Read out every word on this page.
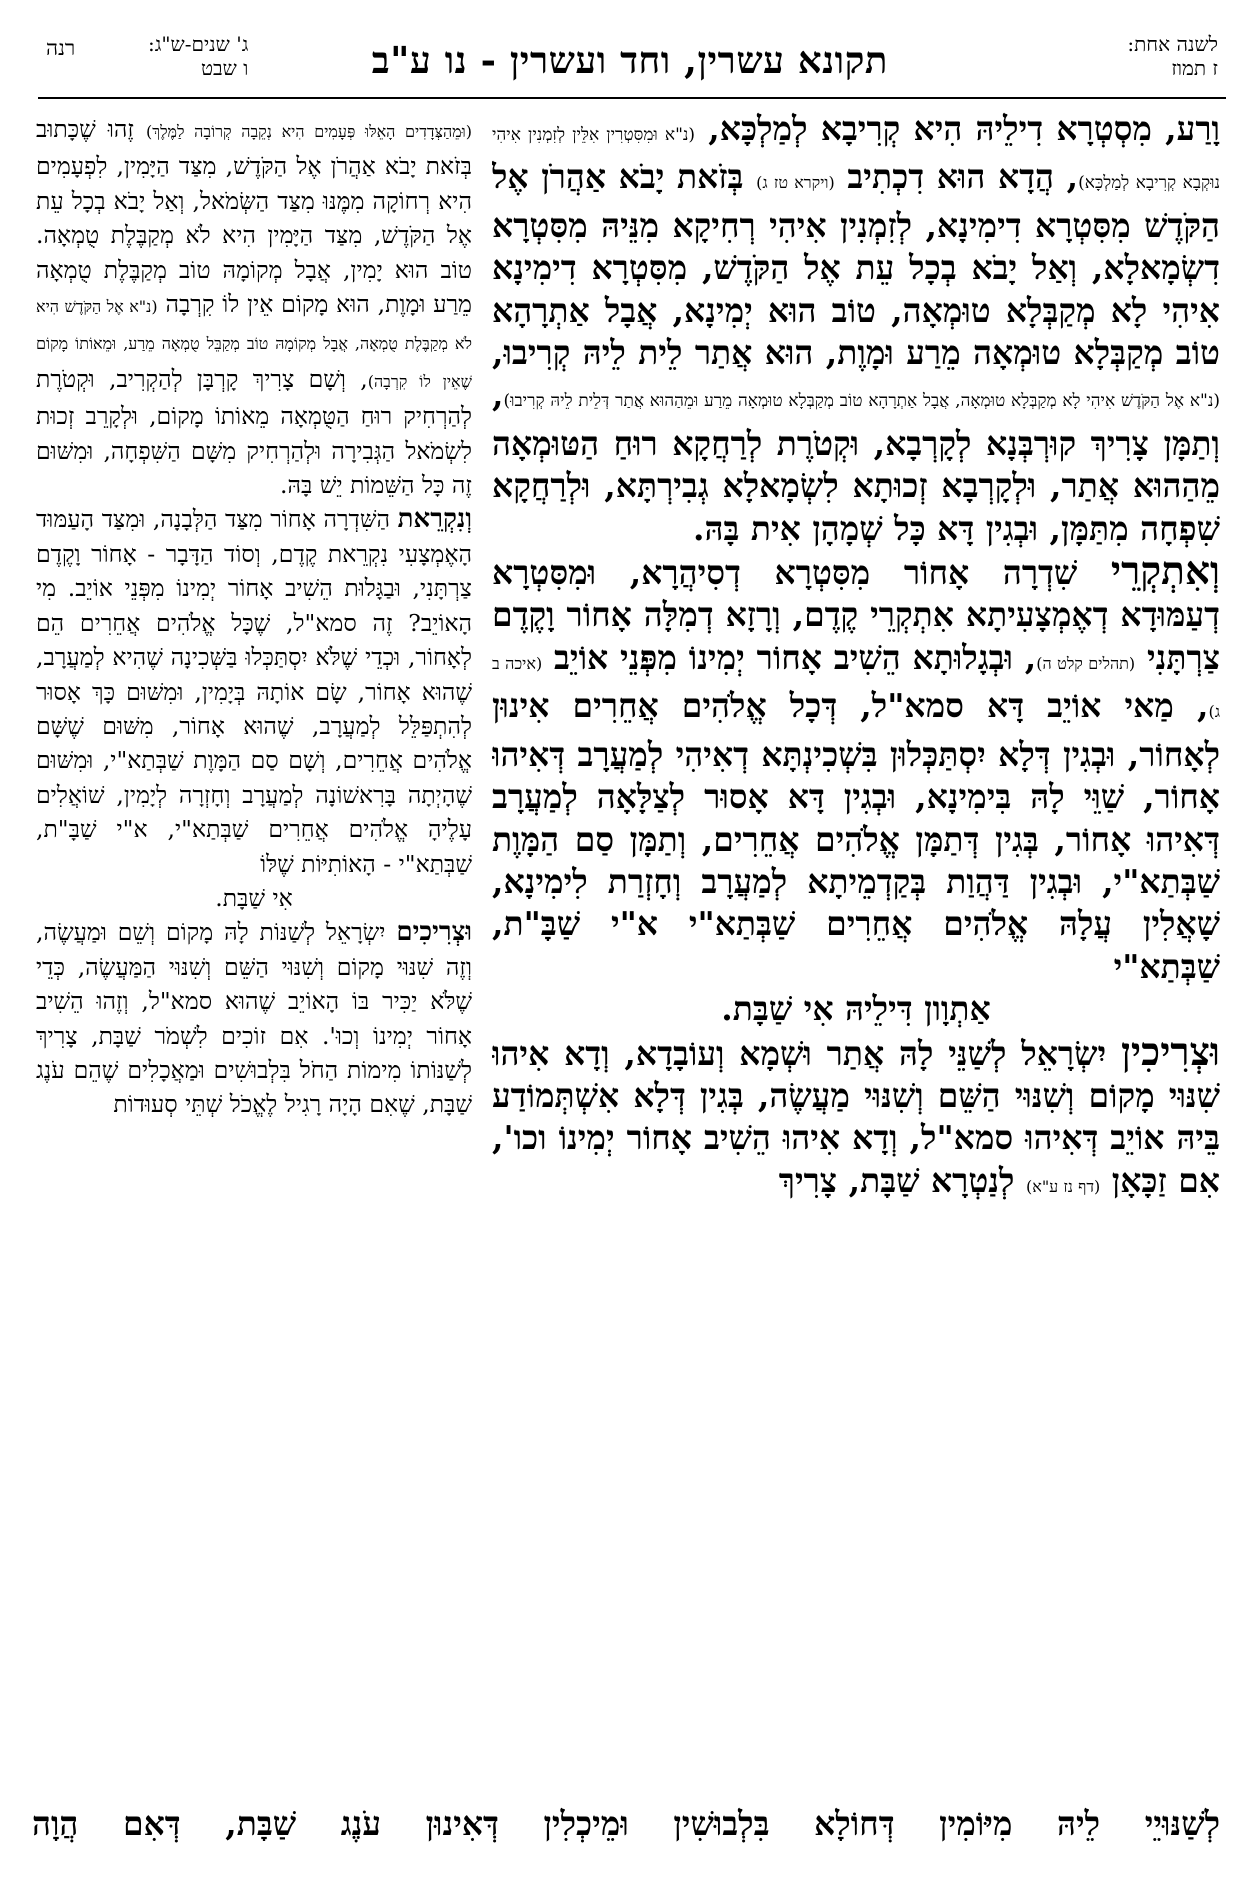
לשנה אחת:
ז תמוז
תקונא עשרין, וחד ועשרין - נו ע"ב
ג' שנים-ש"ג:
ו שבט
רנה

וָרַע, מִסְטְרָא דִילֵיהּ הִיא קְרִיבָא לְמַלְכָּא, (נ"א וּמִסִּטְרִין אִלֵּין לְזִמְנִין אִיהִי נוּקְבָא קְרִיבָא לְמַלְכָּא), הֲדָא הוּא דִכְתִיב (ויקרא טז ג) בְּזֹאת יָבֹא אַהֲרֹן אֶל הַקֹּדֶשׁ מִסִּטְרָא דִימִינָא, לְזִמְנִין אִיהִי רְחִיקָא מִנֵּיהּ מִסִּטְרָא דִשְׂמָאלָא, וְאַל יָבֹא בְכָל עֵת אֶל הַקֹּדֶשׁ, מִסִּטְרָא דִימִינָא אִיהִי לָא מְקַבְּלָא טוּמְאָה, טוֹב הוּא יְמִינָא, אֲבָל אַתְרָהָא טוֹב מְקַבְּלָא טוּמְאָה מֵרַע וּמָוֶת, הוּא אֲתַר לֵית לֵיהּ קְרִיבוּ, (נ"א אֶל הַקֹּדֶשׁ אִיהִי לָא מְקַבְּלָא טוּמְאָה, אֲבָל אַתְרָהָא טוֹב מְקַבְּלָא טוּמְאָה מֵרַע וּמֵהַהוּא אֲתַר דְּלֵית לֵיהּ קְרִיבוּ), וְתַמָּן צָרִיךְ קוּרְבְּנָא לְקָרְבָא, וּקְטֹרֶת לְרַחֲקָא רוּחַ הַטּוּמְאָה מֵהַהוּא אֲתַר, וּלְקָרְבָא זְכוּתָא לִשְׂמָאלָא גְבִירְתָּא, וּלְרַחֲקָא שִׁפְחָה מִתַּמָּן, וּבְגִין דָּא כָּל שְׁמָהָן אִית בָּהּ.

וְאִתְקְרֵי שִׁדְרָה אָחוֹר מִסִּטְרָא דְסִיהֲרָא, וּמִסִּטְרָא דְעַמּוּדָא דְאֶמְצָעִיתָא אִתְקְרֵי קֶדֶם, וְרָזָא דְמִלָּה אָחוֹר וָקֶדֶם צַרְתָּנִי (תהלים קלט ה), וּבְגָלוּתָא הֵשִׁיב אָחוֹר יְמִינוֹ מִפְּנֵי אוֹיֵב (איכה ב ג), מַאי אוֹיֵב דָּא סמא"ל, דְּכָל אֱלֹהִים אֲחֵרִים אִינוּן לְאָחוֹר, וּבְגִין דְּלָא יִסְתַּכְּלוּן בִּשְׁכִינְתָּא דְאִיהִי לְמַעֲרָב דְּאִיהוּ אָחוֹר, שַׁוֵּי לָהּ בִּימִינָא, וּבְגִין דָּא אָסוּר לְצַלָּאָה לְמַעֲרָב דְּאִיהוּ אָחוֹר, בְּגִין דְּתַמָּן אֱלֹהִים אֲחֵרִים, וְתַמָּן סַם הַמָּוֶת שַׁבְּתַא"י, וּבְגִין דַּהֲוַת בְּקַדְמֵיתָא לְמַעֲרָב וְחָזְרַת לִימִינָא, שָׁאֲלִין עֲלָהּ אֱלֹהִים אֲחֵרִים שַׁבְּתַא"י א"י שַׁבָּ"ת, שַׁבְּתַא"י

אַתְוָון דִּילֵיהּ אִי שַׁבָּת.

וּצְרִיכִין יִשְׂרָאֵל לְשַׁנֵּי לָהּ אֲתַר וּשְׁמָא וְעוֹבָדָא, וְדָא אִיהוּ שִׁנּוּי מָקוֹם וְשִׁנּוּי הַשֵּׁם וְשִׁנּוּי מַעֲשֶׂה, בְּגִין דְּלָא אִשְׁתְּמוֹדַע בֵּיהּ אוֹיֵב דְּאִיהוּ סמא"ל, וְדָא אִיהוּ הֵשִׁיב אָחוֹר יְמִינוֹ וכו', אִם זַכָּאָן (דף נז ע"א) לְנַטְרָא שַׁבָּת, צָרִיךְ

(וּמֵהַצְּדָדִים הָאֵלּוּ פְּעָמִים הִיא נְקֵבָה קְרוֹבָה לַמֶּלֶךְ) זֶהוּ שֶׁכָּתוּב בְּזֹאת יָבֹא אַהֲרֹן אֶל הַקֹּדֶשׁ, מִצַּד הַיָּמִין, לִפְעָמִים הִיא רְחוֹקָה מִמֶּנּוּ מִצַּד הַשְּׂמֹאל, וְאַל יָבֹא בְכָל עֵת אֶל הַקֹּדֶשׁ, מִצַּד הַיָּמִין הִיא לֹא מְקַבֶּלֶת טֻמְאָה. טוֹב הוּא יָמִין, אֲבָל מְקוֹמָהּ טוֹב מְקַבֶּלֶת טֻמְאָה מֵרַע וּמָוֶת, הוּא מָקוֹם אֵין לוֹ קִרְבָה (נ"א אֶל הַקֹּדֶשׁ הִיא לֹא מְקַבֶּלֶת טֻמְאָה, אֲבָל מְקוֹמָהּ טוֹב מְקַבֵּל טֻמְאָה מֵרַע, וּמֵאוֹתוֹ מָקוֹם שֶׁאֵין לוֹ קִרְבָה), וְשָׁם צָרִיךְ קָרְבָּן לְהַקְרִיב, וּקְטֹרֶת לְהַרְחִיק רוּחַ הַטֻּמְאָה מֵאוֹתוֹ מָקוֹם, וּלְקָרֵב זְכוּת לִשְׂמֹאל הַגְּבִירָה וּלְהַרְחִיק מִשָּׁם הַשִּׁפְחָה, וּמִשּׁוּם זֶה כָּל הַשֵּׁמוֹת יֵשׁ בָּהּ.

וְנִקְרֵאת הַשִּׁדְרָה אָחוֹר מִצַּד הַלְּבָנָה, וּמִצַּד הָעַמּוּד הָאֶמְצָעִי נִקְרֵאת קֶדֶם, וְסוֹד הַדָּבָר - אָחוֹר וָקֶדֶם צַרְתָּנִי, וּבַגָּלוּת הֵשִׁיב אָחוֹר יְמִינוֹ מִפְּנֵי אוֹיֵב. מִי הָאוֹיֵב? זֶה סמא"ל, שֶׁכָּל אֱלֹהִים אֲחֵרִים הֵם לְאָחוֹר, וּכְדֵי שֶׁלֹּא יִסְתַּכְּלוּ בַּשְּׁכִינָה שֶׁהִיא לְמַעֲרָב, שֶׁהוּא אָחוֹר, שָׂם אוֹתָהּ בְּיָמִין, וּמִשּׁוּם כָּךְ אָסוּר לְהִתְפַּלֵּל לְמַעֲרָב, שֶׁהוּא אָחוֹר, מִשּׁוּם שֶׁשָּׁם אֱלֹהִים אֲחֵרִים, וְשָׁם סַם הַמָּוֶת שַׁבְּתַא"י, וּמִשּׁוּם שֶׁהָיְתָה בָּרִאשׁוֹנָה לְמַעֲרָב וְחָזְרָה לְיָמִין, שׁוֹאֲלִים עָלֶיהָ אֱלֹהִים אֲחֵרִים שַׁבְּתַא"י, א"י שַׁבָּ"ת, שַׁבְּתַא"י - הָאוֹתִיּוֹת שֶׁלּוֹ

אִי שַׁבָּת.

וּצְרִיכִים יִשְׂרָאֵל לְשַׁנּוֹת לָהּ מָקוֹם וְשֵׁם וּמַעֲשֶׂה, וְזֶה שִׁנּוּי מָקוֹם וְשִׁנּוּי הַשֵּׁם וְשִׁנּוּי הַמַּעֲשֶׂה, כְּדֵי שֶׁלֹּא יַכִּיר בּוֹ הָאוֹיֵב שֶׁהוּא סמא"ל, וְזֶהוּ הֵשִׁיב אָחוֹר יְמִינוֹ וְכוּ'. אִם זוֹכִים לִשְׁמֹר שַׁבָּת, צָרִיךְ לְשַׁנּוֹתוֹ מִימוֹת הַחֹל בִּלְבוּשִׁים וּמַאֲכָלִים שֶׁהֵם עֹנֶג שַׁבָּת, שֶׁאִם הָיָה רָגִיל לֶאֱכֹל שְׁתֵּי סְעוּדוֹת

לְשַׁנּוּיֵי לֵיהּ מִיּוֹמִין דְּחוֹלָא בִּלְבוּשִׁין וּמֵיכְלִין דְּאִינוּן עֹנֶג שַׁבָּת, דְּאִם הֲוָה
